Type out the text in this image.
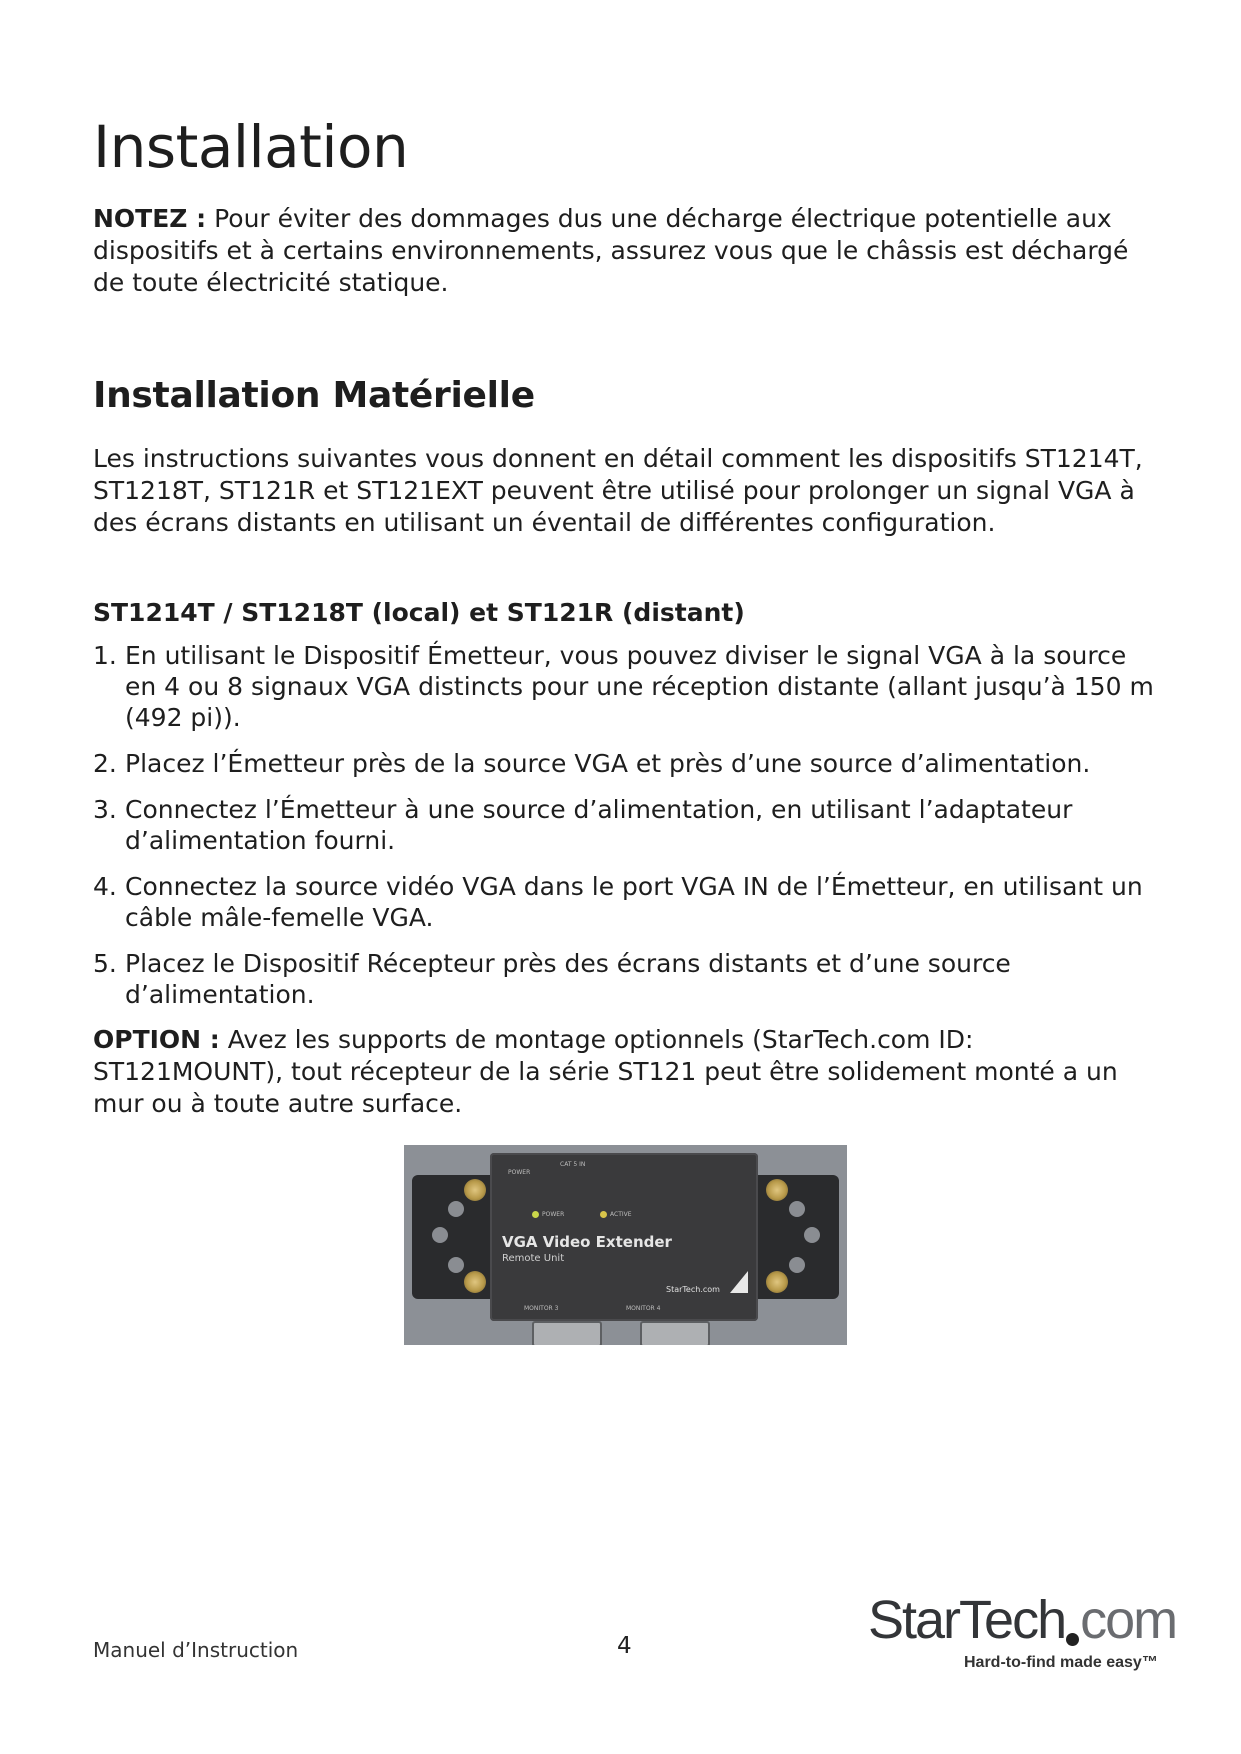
Installation

NOTEZ : Pour éviter des dommages dus une décharge électrique potentielle aux dispositifs et à certains environnements, assurez vous que le châssis est déchargé de toute électricité statique.

Installation Matérielle

Les instructions suivantes vous donnent en détail comment les dispositifs ST1214T, ST1218T, ST121R et ST121EXT peuvent être utilisé pour prolonger un signal VGA à des écrans distants en utilisant un éventail de différentes configuration.

ST1214T / ST1218T (local) et ST121R (distant)
1. En utilisant le Dispositif Émetteur, vous pouvez diviser le signal VGA à la source en 4 ou 8 signaux VGA distincts pour une réception distante (allant jusqu’à 150 m (492 pi)).
2. Placez l’Émetteur près de la source VGA et près d’une source d’alimentation.
3. Connectez l’Émetteur à une source d’alimentation, en utilisant l’adaptateur d’alimentation fourni.
4. Connectez la source vidéo VGA dans le port VGA IN de l’Émetteur, en utilisant un câble mâle-femelle VGA.
5. Placez le Dispositif Récepteur près des écrans distants et d’une source d’alimentation.

OPTION : Avez les supports de montage optionnels (StarTech.com ID: ST121MOUNT), tout récepteur de la série ST121 peut être solidement monté a un mur ou à toute autre surface.

POWER
CAT 5 IN
POWER	ACTIVE
VGA Video Extender
Remote Unit
StarTech.com
MONITOR 3	MONITOR 4
Manuel d’Instruction	4	StarTech com
Hard-to-find made easy™
